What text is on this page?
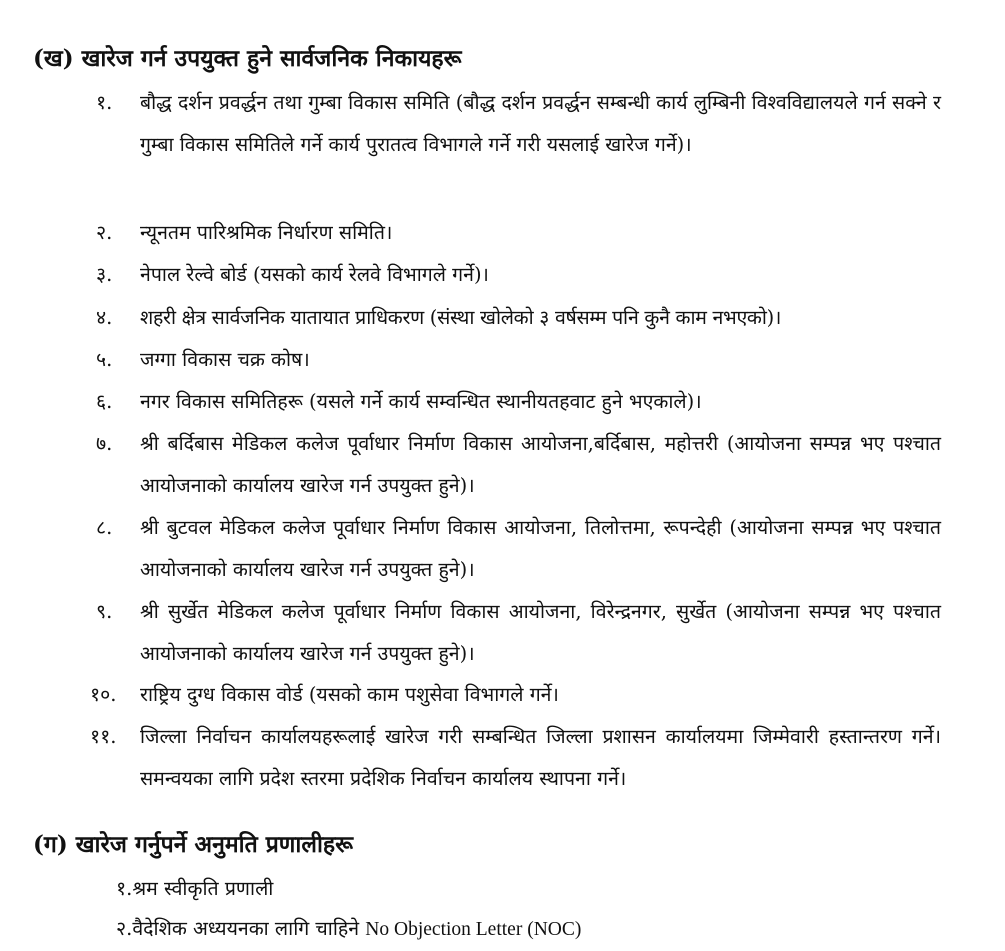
(ख) खारेज गर्न उपयुक्त हुने सार्वजनिक निकायहरू
१. बौद्ध दर्शन प्रवर्द्धन तथा गुम्बा विकास समिति (बौद्ध दर्शन प्रवर्द्धन सम्बन्धी कार्य लुम्बिनी विश्वविद्यालयले गर्न सक्ने र गुम्बा विकास समितिले गर्ने कार्य पुरातत्व विभागले गर्ने गरी यसलाई खारेज गर्ने)।
२. न्यूनतम पारिश्रमिक निर्धारण समिति।
३. नेपाल रेल्वे बोर्ड (यसको कार्य रेलवे विभागले गर्ने)।
४. शहरी क्षेत्र सार्वजनिक यातायात प्राधिकरण (संस्था खोलेको ३ वर्षसम्म पनि कुनै काम नभएको)।
५. जग्गा विकास चक्र कोष।
६. नगर विकास समितिहरू (यसले गर्ने कार्य सम्वन्धित स्थानीयतहवाट हुने भएकाले)।
७. श्री बर्दिबास मेडिकल कलेज पूर्वाधार निर्माण विकास आयोजना,बर्दिबास, महोत्तरी (आयोजना सम्पन्न भए पश्चात आयोजनाको कार्यालय खारेज गर्न उपयुक्त हुने)।
८. श्री बुटवल मेडिकल कलेज पूर्वाधार निर्माण विकास आयोजना, तिलोत्तमा, रूपन्देही (आयोजना सम्पन्न भए पश्चात आयोजनाको कार्यालय खारेज गर्न उपयुक्त हुने)।
९. श्री सुर्खेत मेडिकल कलेज पूर्वाधार निर्माण विकास आयोजना, विरेन्द्रनगर, सुर्खेत (आयोजना सम्पन्न भए पश्चात आयोजनाको कार्यालय खारेज गर्न उपयुक्त हुने)।
१०. राष्ट्रिय दुग्ध विकास वोर्ड (यसको काम पशुसेवा विभागले गर्ने।
११. जिल्ला निर्वाचन कार्यालयहरूलाई खारेज गरी सम्बन्धित जिल्ला प्रशासन कार्यालयमा जिम्मेवारी हस्तान्तरण गर्ने। समन्वयका लागि प्रदेश स्तरमा प्रदेशिक निर्वाचन कार्यालय स्थापना गर्ने।
(ग) खारेज गर्नुपर्ने अनुमति प्रणालीहरू
१.श्रम स्वीकृति प्रणाली
२.वैदेशिक अध्ययनका लागि चाहिने No Objection Letter (NOC)
